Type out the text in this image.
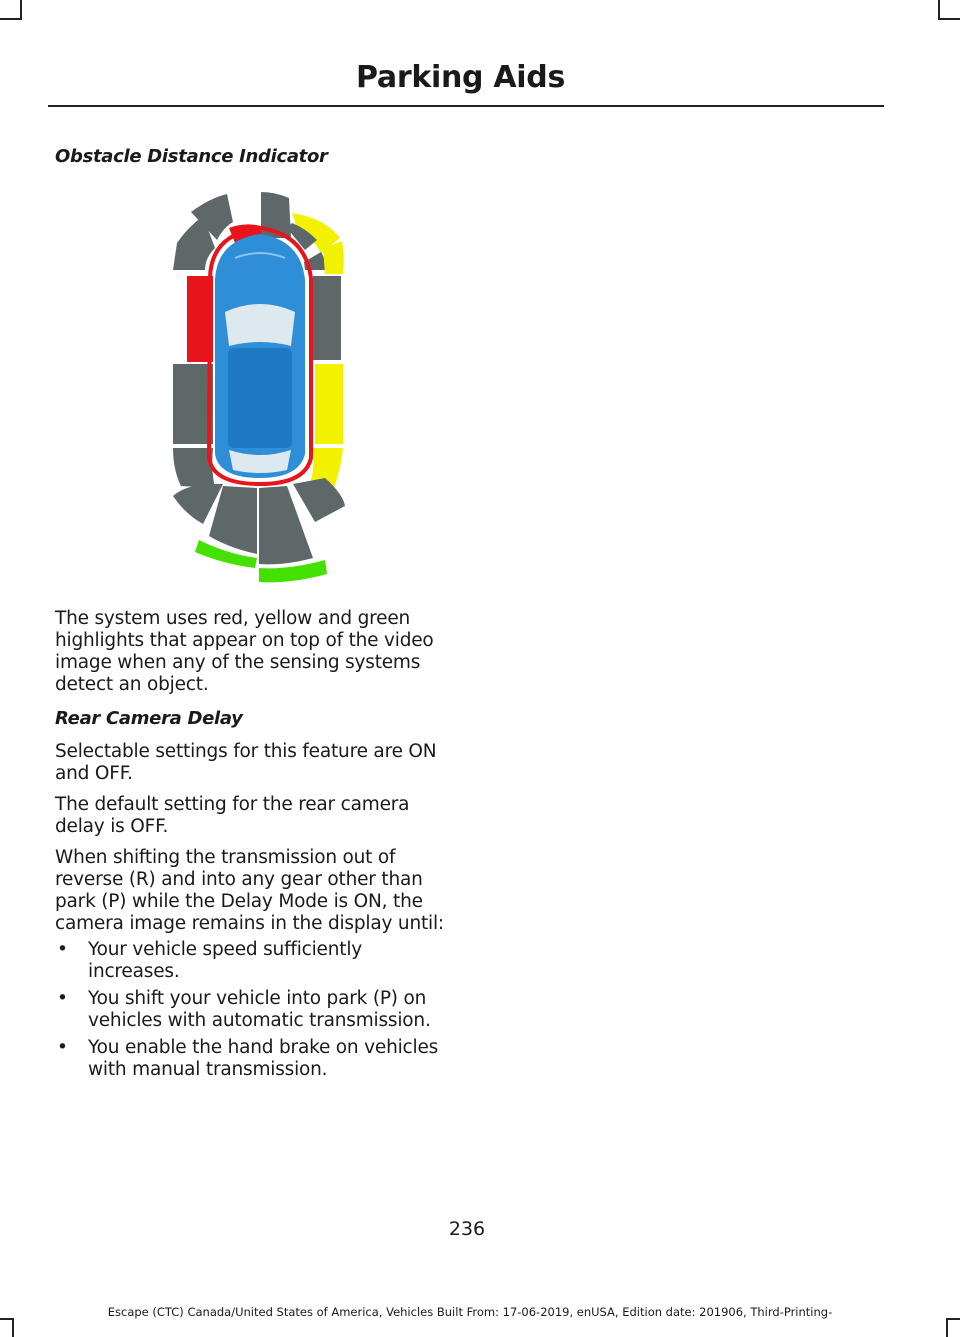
Parking Aids

Obstacle Distance Indicator

The system uses red, yellow and green highlights that appear on top of the video image when any of the sensing systems detect an object.

Rear Camera Delay

Selectable settings for this feature are ON and OFF.

The default setting for the rear camera delay is OFF.

When shifting the transmission out of reverse (R) and into any gear other than park (P) while the Delay Mode is ON, the camera image remains in the display until:

• Your vehicle speed sufficiently increases.
• You shift your vehicle into park (P) on vehicles with automatic transmission.
• You enable the hand brake on vehicles with manual transmission.
236
Escape (CTC) Canada/United States of America, Vehicles Built From: 17-06-2019, enUSA, Edition date: 201906, Third-Printing-
